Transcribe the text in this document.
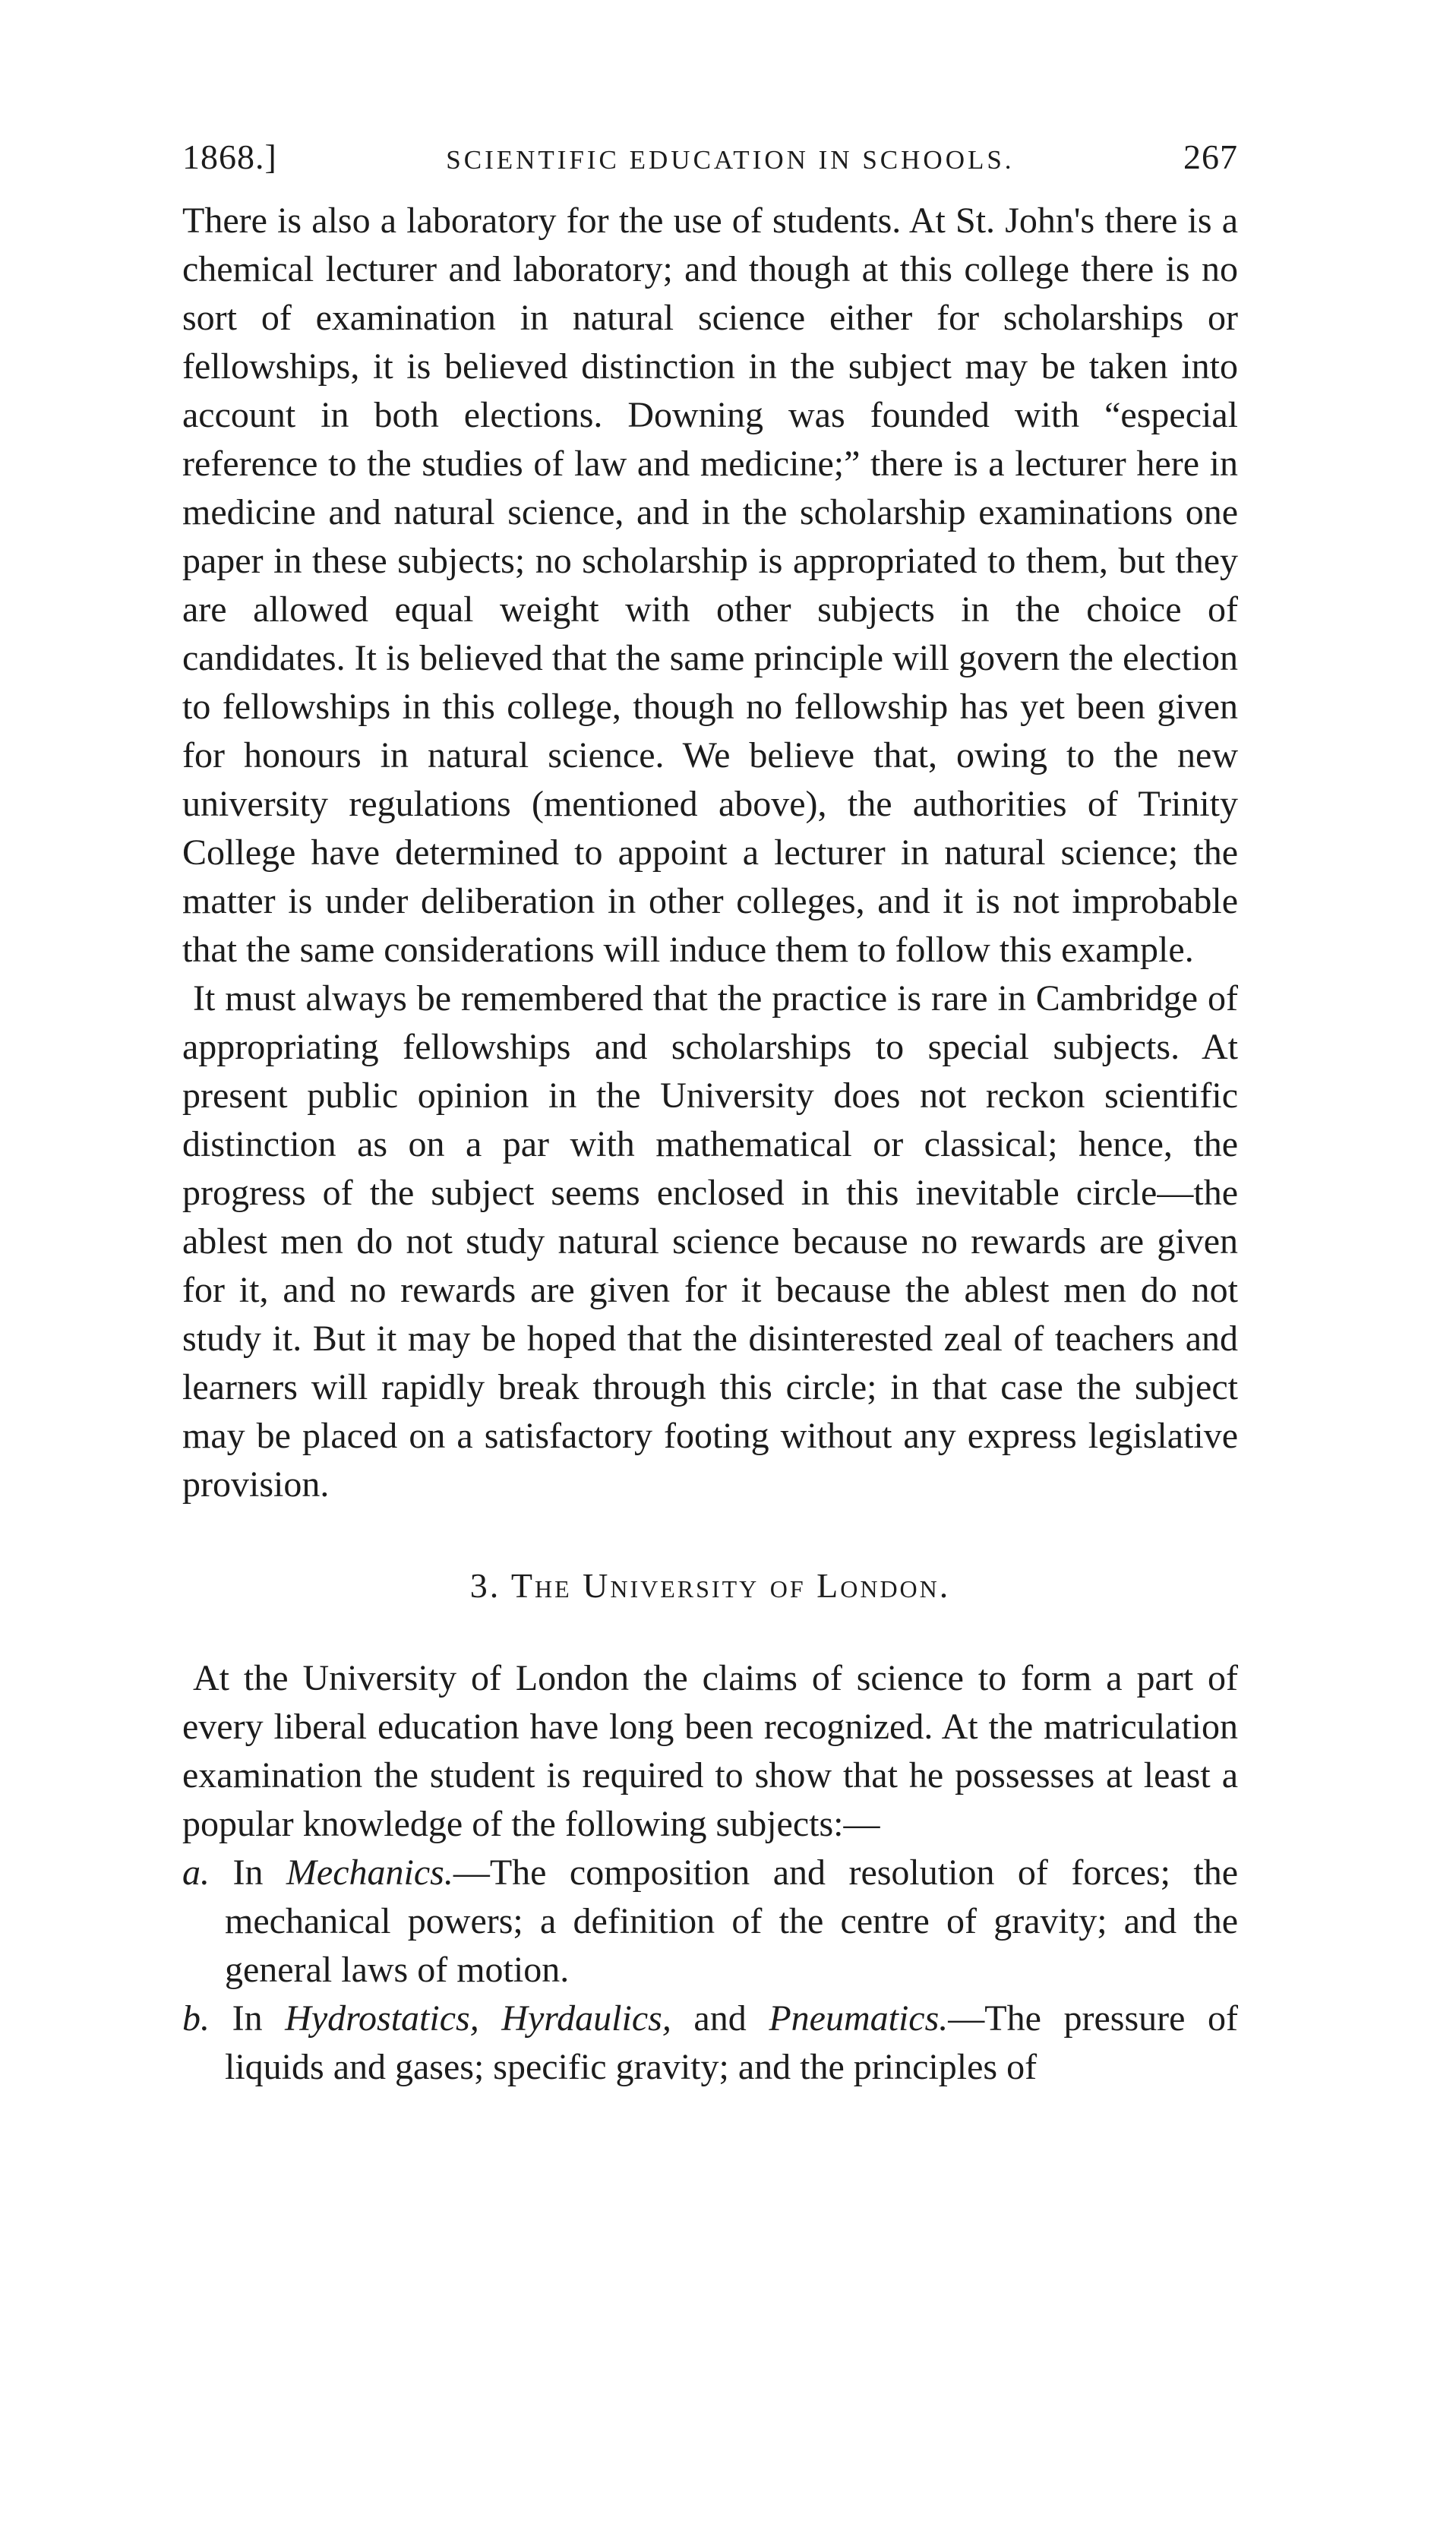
1868.]	SCIENTIFIC EDUCATION IN SCHOOLS.	267

There is also a laboratory for the use of students. At St. John's there is a chemical lecturer and laboratory; and though at this college there is no sort of examination in natural science either for scholarships or fellowships, it is believed distinction in the subject may be taken into account in both elections. Downing was founded with “especial reference to the studies of law and medicine;” there is a lecturer here in medicine and natural science, and in the scholarship examinations one paper in these subjects; no scholarship is appropriated to them, but they are allowed equal weight with other subjects in the choice of candidates. It is believed that the same principle will govern the election to fellowships in this college, though no fellowship has yet been given for honours in natural science. We believe that, owing to the new university regulations (mentioned above), the authorities of Trinity College have determined to appoint a lecturer in natural science; the matter is under deliberation in other colleges, and it is not improbable that the same considerations will induce them to follow this example.

It must always be remembered that the practice is rare in Cambridge of appropriating fellowships and scholarships to special subjects. At present public opinion in the University does not reckon scientific distinction as on a par with mathematical or classical; hence, the progress of the subject seems enclosed in this inevitable circle—the ablest men do not study natural science because no rewards are given for it, and no rewards are given for it because the ablest men do not study it. But it may be hoped that the disinterested zeal of teachers and learners will rapidly break through this circle; in that case the subject may be placed on a satisfactory footing without any express legislative provision.

3. The University of London.

At the University of London the claims of science to form a part of every liberal education have long been recognized. At the matriculation examination the student is required to show that he possesses at least a popular knowledge of the following subjects:—

a. In Mechanics.—The composition and resolution of forces; the mechanical powers; a definition of the centre of gravity; and the general laws of motion.
b. In Hydrostatics, Hyrdaulics, and Pneumatics.—The pressure of liquids and gases; specific gravity; and the principles of
